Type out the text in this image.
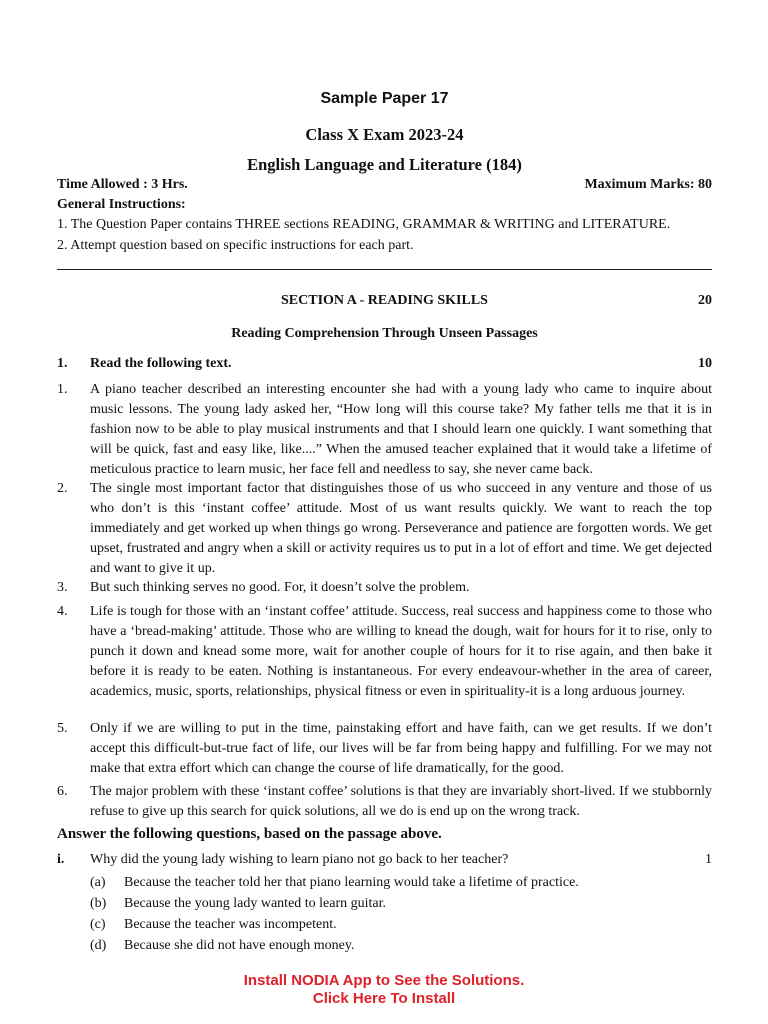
Sample Paper 17
Class X Exam 2023-24
English Language and Literature (184)
Time Allowed : 3 Hrs.	Maximum Marks: 80
General Instructions:
1. The Question Paper contains THREE sections READING, GRAMMAR & WRITING and LITERATURE.
2. Attempt question based on specific instructions for each part.
SECTION A - READING SKILLS	20
Reading Comprehension Through Unseen Passages
1. Read the following text.	10
1. A piano teacher described an interesting encounter she had with a young lady who came to inquire about music lessons. The young lady asked her, “How long will this course take? My father tells me that it is in fashion now to be able to play musical instruments and that I should learn one quickly. I want something that will be quick, fast and easy like, like....” When the amused teacher explained that it would take a lifetime of meticulous practice to learn music, her face fell and needless to say, she never came back.
2. The single most important factor that distinguishes those of us who succeed in any venture and those of us who don’t is this ‘instant coffee’ attitude. Most of us want results quickly. We want to reach the top immediately and get worked up when things go wrong. Perseverance and patience are forgotten words. We get upset, frustrated and angry when a skill or activity requires us to put in a lot of effort and time. We get dejected and want to give it up.
3. But such thinking serves no good. For, it doesn’t solve the problem.
4. Life is tough for those with an ‘instant coffee’ attitude. Success, real success and happiness come to those who have a ‘bread-making’ attitude. Those who are willing to knead the dough, wait for hours for it to rise, only to punch it down and knead some more, wait for another couple of hours for it to rise again, and then bake it before it is ready to be eaten. Nothing is instantaneous. For every endeavour-whether in the area of career, academics, music, sports, relationships, physical fitness or even in spirituality-it is a long arduous journey.
5. Only if we are willing to put in the time, painstaking effort and have faith, can we get results. If we don’t accept this difficult-but-true fact of life, our lives will be far from being happy and fulfilling. For we may not make that extra effort which can change the course of life dramatically, for the good.
6. The major problem with these ‘instant coffee’ solutions is that they are invariably short-lived. If we stubbornly refuse to give up this search for quick solutions, all we do is end up on the wrong track.
Answer the following questions, based on the passage above.
i. Why did the young lady wishing to learn piano not go back to her teacher?	1
(a) Because the teacher told her that piano learning would take a lifetime of practice.
(b) Because the young lady wanted to learn guitar.
(c) Because the teacher was incompetent.
(d) Because she did not have enough money.
Install NODIA App to See the Solutions.
Click Here To Install
